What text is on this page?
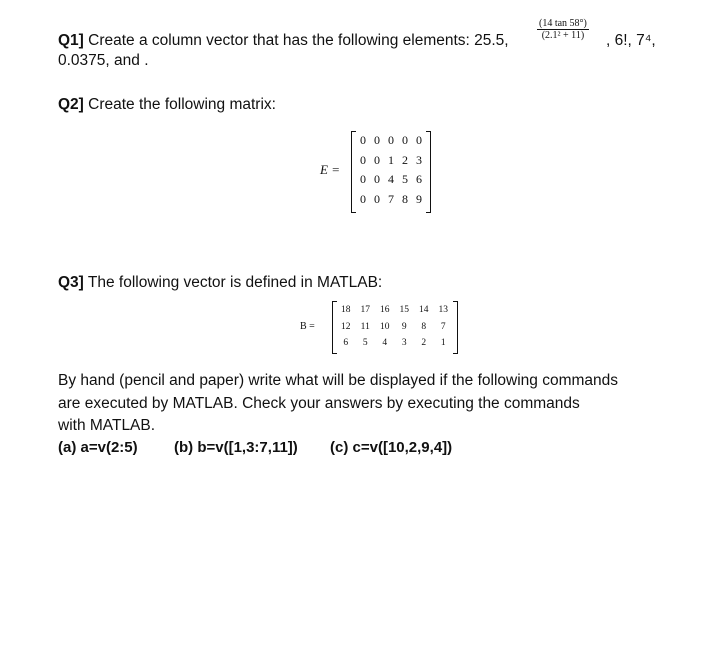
Q1] Create a column vector that has the following elements: 25.5,	$\frac{(14 \tan 58^\circ)}{\text{(2.1² + 11)}}$ , 6!, 7⁴,
0.0375, and .
Q2] Create the following matrix:
E =
0 0 0 0 0
0 0 1 2 3
0 0 4 5 6
0 0 7 8 9
Q3] The following vector is defined in MATLAB:
B =
18	17	16	15	14	13
12	11	10	9	8	7
6	5	4	3	2	1
By hand (pencil and paper) write what will be displayed if the following commands
are executed by MATLAB. Check your answers by executing the commands
with MATLAB.
(a) a=v(2:5) (b) b=v([1,3:7,11]) (c) c=v([10,2,9,4])
